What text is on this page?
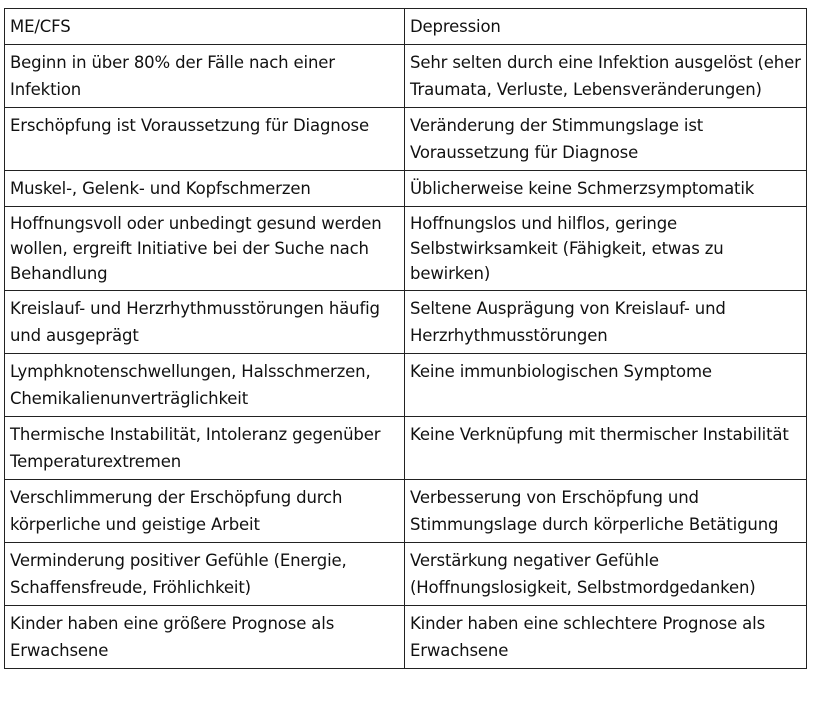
ME/CFS	Depression

Beginn in über 80% der Fälle nach einer Infektion	Sehr selten durch eine Infektion ausgelöst (eher Traumata, Verluste, Lebensveränderungen)

Erschöpfung ist Voraussetzung für Diagnose	Veränderung der Stimmungslage ist Voraussetzung für Diagnose

Muskel-, Gelenk- und Kopfschmerzen	Üblicherweise keine Schmerzsymptomatik

Hoffnungsvoll oder unbedingt gesund werden wollen, ergreift Initiative bei der Suche nach Behandlung	Hoffnungslos und hilflos, geringe Selbstwirksamkeit (Fähigkeit, etwas zu bewirken)

Kreislauf- und Herzrhythmusstörungen häufig und ausgeprägt	Seltene Ausprägung von Kreislauf- und Herzrhythmusstörungen

Lymphknotenschwellungen, Halsschmerzen, Chemikalienunverträglichkeit	Keine immunbiologischen Symptome

Thermische Instabilität, Intoleranz gegenüber Temperaturextremen	Keine Verknüpfung mit thermischer Instabilität

Verschlimmerung der Erschöpfung durch körperliche und geistige Arbeit	Verbesserung von Erschöpfung und Stimmungslage durch körperliche Betätigung

Verminderung positiver Gefühle (Energie, Schaffensfreude, Fröhlichkeit)	Verstärkung negativer Gefühle (Hoffnungslosigkeit, Selbstmordgedanken)

Kinder haben eine größere Prognose als Erwachsene	Kinder haben eine schlechtere Prognose als Erwachsene
